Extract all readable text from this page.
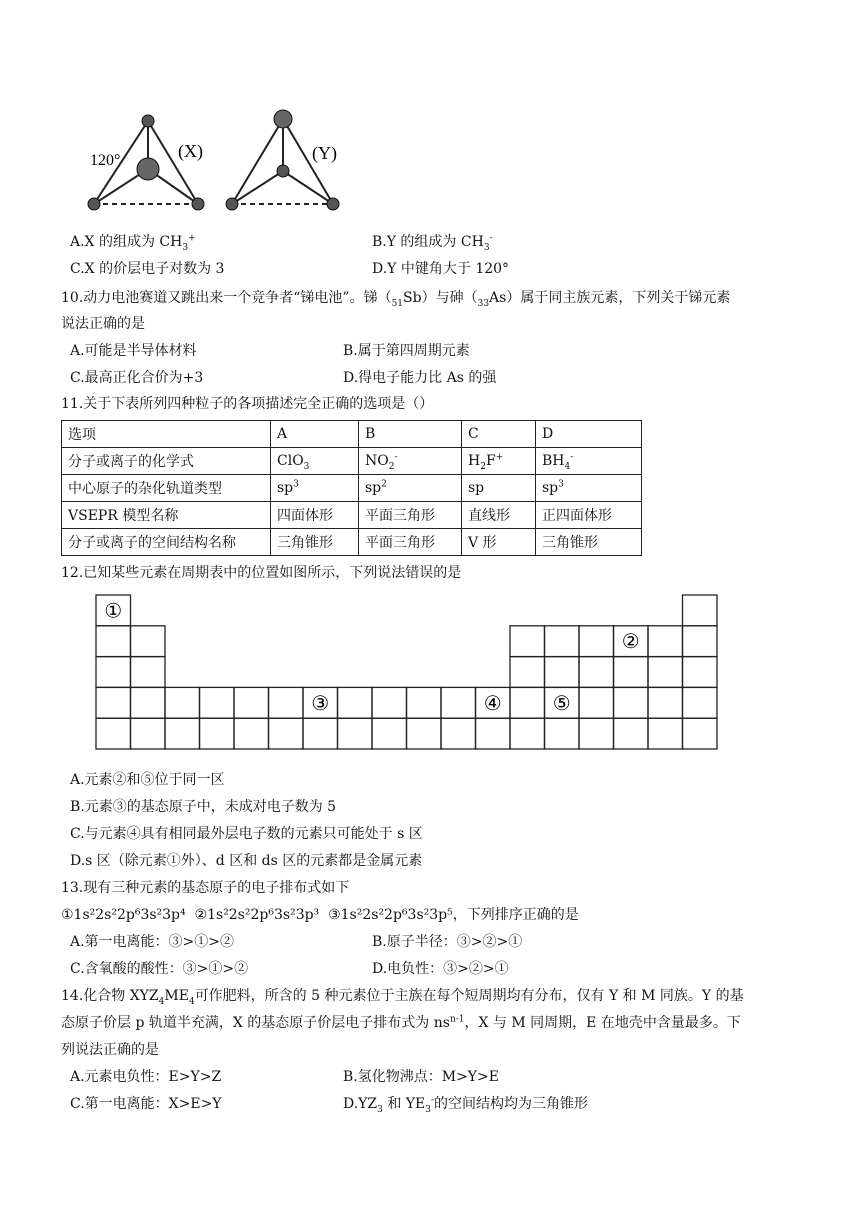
120°	(X)	(Y)
A.X 的组成为 $CH_3^+$	B.Y 的组成为 $CH_3^-$
C.X 的价层电子对数为 3	D.Y 中键角大于 120°
10.动力电池赛道又跳出来一个竞争者“锑电池”。锑$(_{51}Sb)$与砷$(_{33}As)$属于同主族元素，下列关于锑元素
说法正确的是
A.可能是半导体材料	B.属于第四周期元素
C.最高正化合价为+3	D.得电子能力比 As 的强
11.关于下表所列四种粒子的各项描述完全正确的选项是（）
选项	A	B	C	D
分子或离子的化学式	ClO$_3$	$NO_2^-$	$H_2F^+$	$BH_4^-$
中心原子的杂化轨道类型	$sp^3$	$sp^2$	sp	$sp^3$
VSEPR 模型名称	四面体形	平面三角形	直线形	正四面体形
分子或离子的空间结构名称	三角锥形	平面三角形	V 形	三角锥形
12.已知某些元素在周期表中的位置如图所示，下列说法错误的是
①
②
③	④	⑤
A.元素②和⑤位于同一区
B.元素③的基态原子中，未成对电子数为 5
C.与元素④具有相同最外层电子数的元素只可能处于 s 区
D.s 区（除元素①外）、d 区和 ds 区的元素都是金属元素
13.现有三种元素的基态原子的电子排布式如下
①1s²2s²2p⁶3s²3p⁴ ②1s²2s²2p⁶3s²3p³ ③1s²2s²2p⁶3s²3p⁵，下列排序正确的是
A.第一电离能：③>①>②	B.原子半径：③>②>①
C.含氧酸的酸性：③>①>②	D.电负性：③>②>①
14.化合物 $XYZ_4ME_4$可作肥料，所含的 5 种元素位于主族在每个短周期均有分布，仅有 Y 和 M 同族。Y 的基
态原子价层 p 轨道半充满，X 的基态原子价层电子排布式为 $ns^{n-1}$，X 与 M 同周期，E 在地壳中含量最多。下
列说法正确的是
A.元素电负性：E>Y>Z	B.氢化物沸点：M>Y>E
C.第一电离能：X>E>Y	$D.YZ_3$ 和 $YE_3^-$的空间结构均为三角锥形
